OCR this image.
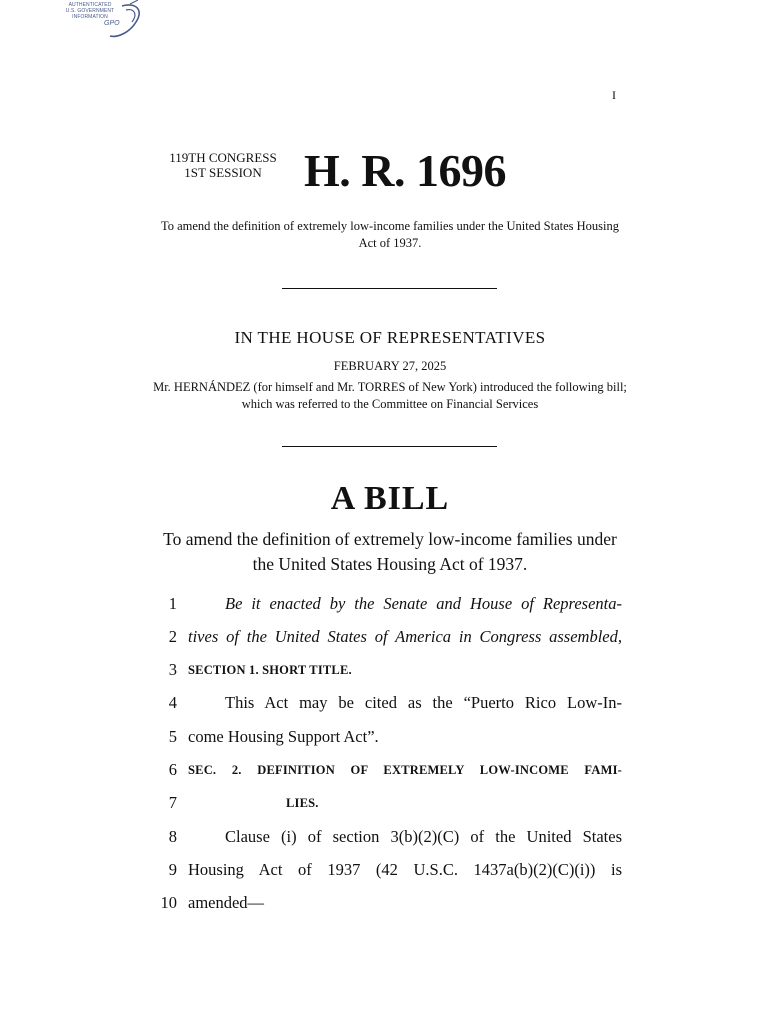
AUTHENTICATED
U.S. GOVERNMENT
INFORMATION
GPO
I
119TH CONGRESS
1ST SESSION H. R. 1696
To amend the definition of extremely low-income families under the United States Housing Act of 1937.
IN THE HOUSE OF REPRESENTATIVES
FEBRUARY 27, 2025
Mr. HERNÁNDEZ (for himself and Mr. TORRES of New York) introduced the following bill; which was referred to the Committee on Financial Services
A BILL
To amend the definition of extremely low-income families under the United States Housing Act of 1937.
1	Be it enacted by the Senate and House of Representa-
2 tives of the United States of America in Congress assembled,
3 SECTION 1. SHORT TITLE.
4	This Act may be cited as the “Puerto Rico Low-In-
5 come Housing Support Act”.
6 SEC. 2. DEFINITION OF EXTREMELY LOW-INCOME FAMI-
7	LIES.
8	Clause (i) of section 3(b)(2)(C) of the United States
9 Housing Act of 1937 (42 U.S.C. 1437a(b)(2)(C)(i)) is
10 amended—
